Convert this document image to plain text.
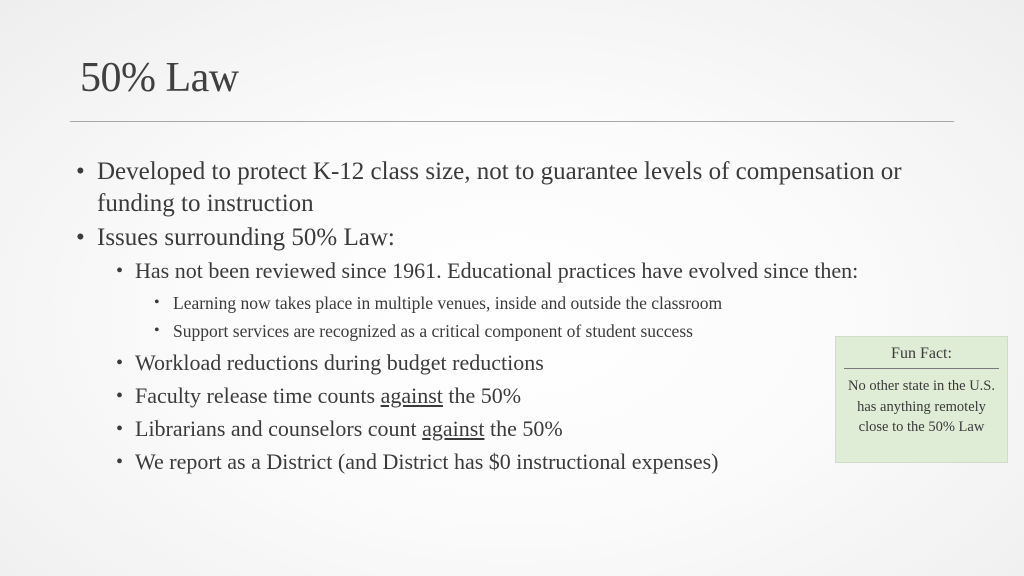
50% Law
• Developed to protect K-12 class size, not to guarantee levels of compensation or funding to instruction
• Issues surrounding 50% Law:
• Has not been reviewed since 1961. Educational practices have evolved since then:
• Learning now takes place in multiple venues, inside and outside the classroom
• Support services are recognized as a critical component of student success
• Workload reductions during budget reductions
• Faculty release time counts against the 50%
• Librarians and counselors count against the 50%
• We report as a District (and District has $0 instructional expenses)
Fun Fact:
No other state in the U.S. has anything remotely close to the 50% Law
